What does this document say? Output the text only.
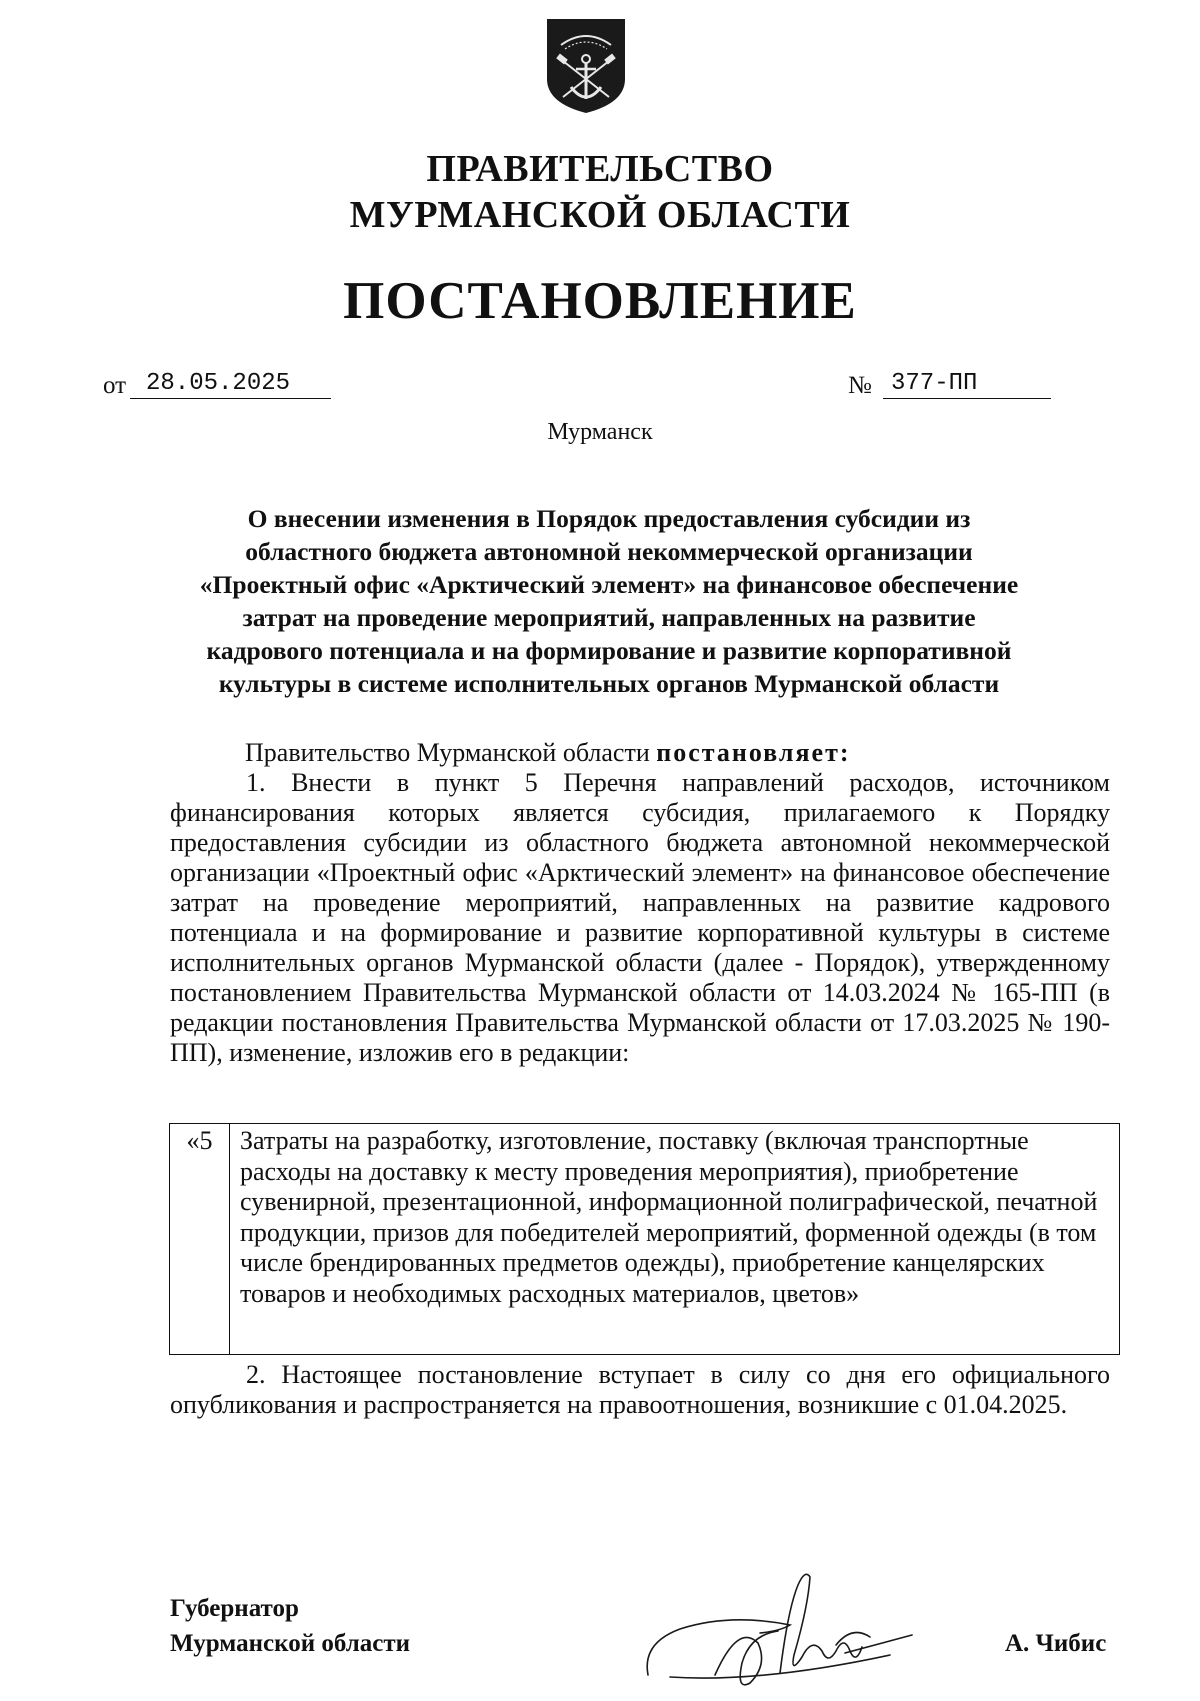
ПРАВИТЕЛЬСТВО
МУРМАНСКОЙ ОБЛАСТИ
ПОСТАНОВЛЕНИЕ
от 28.05.2025	№ 377-ПП
Мурманск
О внесении изменения в Порядок предоставления субсидии из
областного бюджета автономной некоммерческой организации
«Проектный офис «Арктический элемент» на финансовое обеспечение
затрат на проведение мероприятий, направленных на развитие
кадрового потенциала и на формирование и развитие корпоративной
культуры в системе исполнительных органов Мурманской области
Правительство Мурманской области постановляет:
1. Внести в пункт 5 Перечня направлений расходов, источником финансирования которых является субсидия, прилагаемого к Порядку предоставления субсидии из областного бюджета автономной некоммерческой организации «Проектный офис «Арктический элемент» на финансовое обеспечение затрат на проведение мероприятий, направленных на развитие кадрового потенциала и на формирование и развитие корпоративной культуры в системе исполнительных органов Мурманской области (далее - Порядок), утвержденному постановлением Правительства Мурманской области от 14.03.2024 № 165-ПП (в редакции постановления Правительства Мурманской области от 17.03.2025 № 190-ПП), изменение, изложив его в редакции:
«5	Затраты на разработку, изготовление, поставку (включая транспортные расходы на доставку к месту проведения мероприятия), приобретение сувенирной, презентационной, информационной полиграфической, печатной продукции, призов для победителей мероприятий, форменной одежды (в том числе брендированных предметов одежды), приобретение канцелярских товаров и необходимых расходных материалов, цветов»
2. Настоящее постановление вступает в силу со дня его официального опубликования и распространяется на правоотношения, возникшие с 01.04.2025.
Губернатор
Мурманской области	А. Чибис
